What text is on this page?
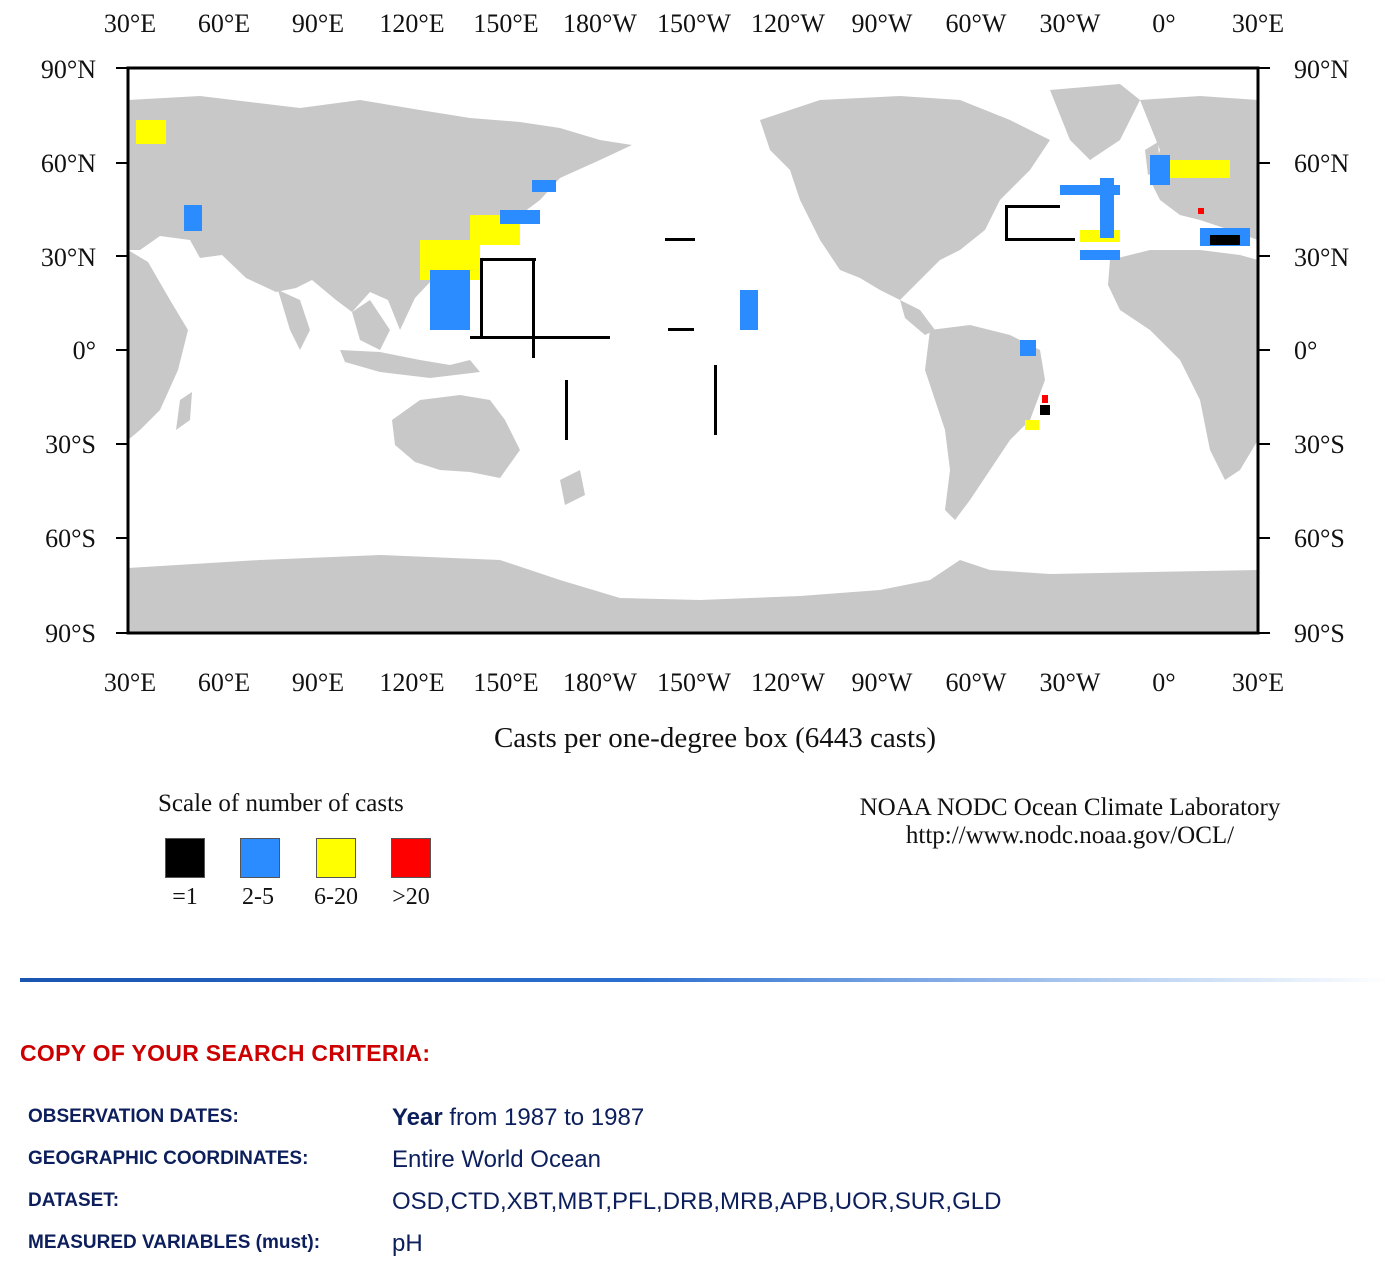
30°E 60°E 90°E 120°E 150°E 180°W 150°W 120°W 90°W 60°W 30°W 0° 30°E
30°E 60°E 90°E 120°E 150°E 180°W 150°W 120°W 90°W 60°W 30°W 0° 30°E
90°N
60°N
30°N
0°
30°S
60°S
90°S
90°N
60°N
30°N
0°
30°S
60°S
90°S
Casts per one-degree box (6443 casts)
Scale of number of casts
=1	2-5	6-20	>20
NOAA NODC Ocean Climate Laboratory
http://www.nodc.noaa.gov/OCL/
COPY OF YOUR SEARCH CRITERIA:
OBSERVATION DATES:	Year from 1987 to 1987
GEOGRAPHIC COORDINATES:	Entire World Ocean
DATASET:	OSD,CTD,XBT,MBT,PFL,DRB,MRB,APB,UOR,SUR,GLD
MEASURED VARIABLES (must):	pH
